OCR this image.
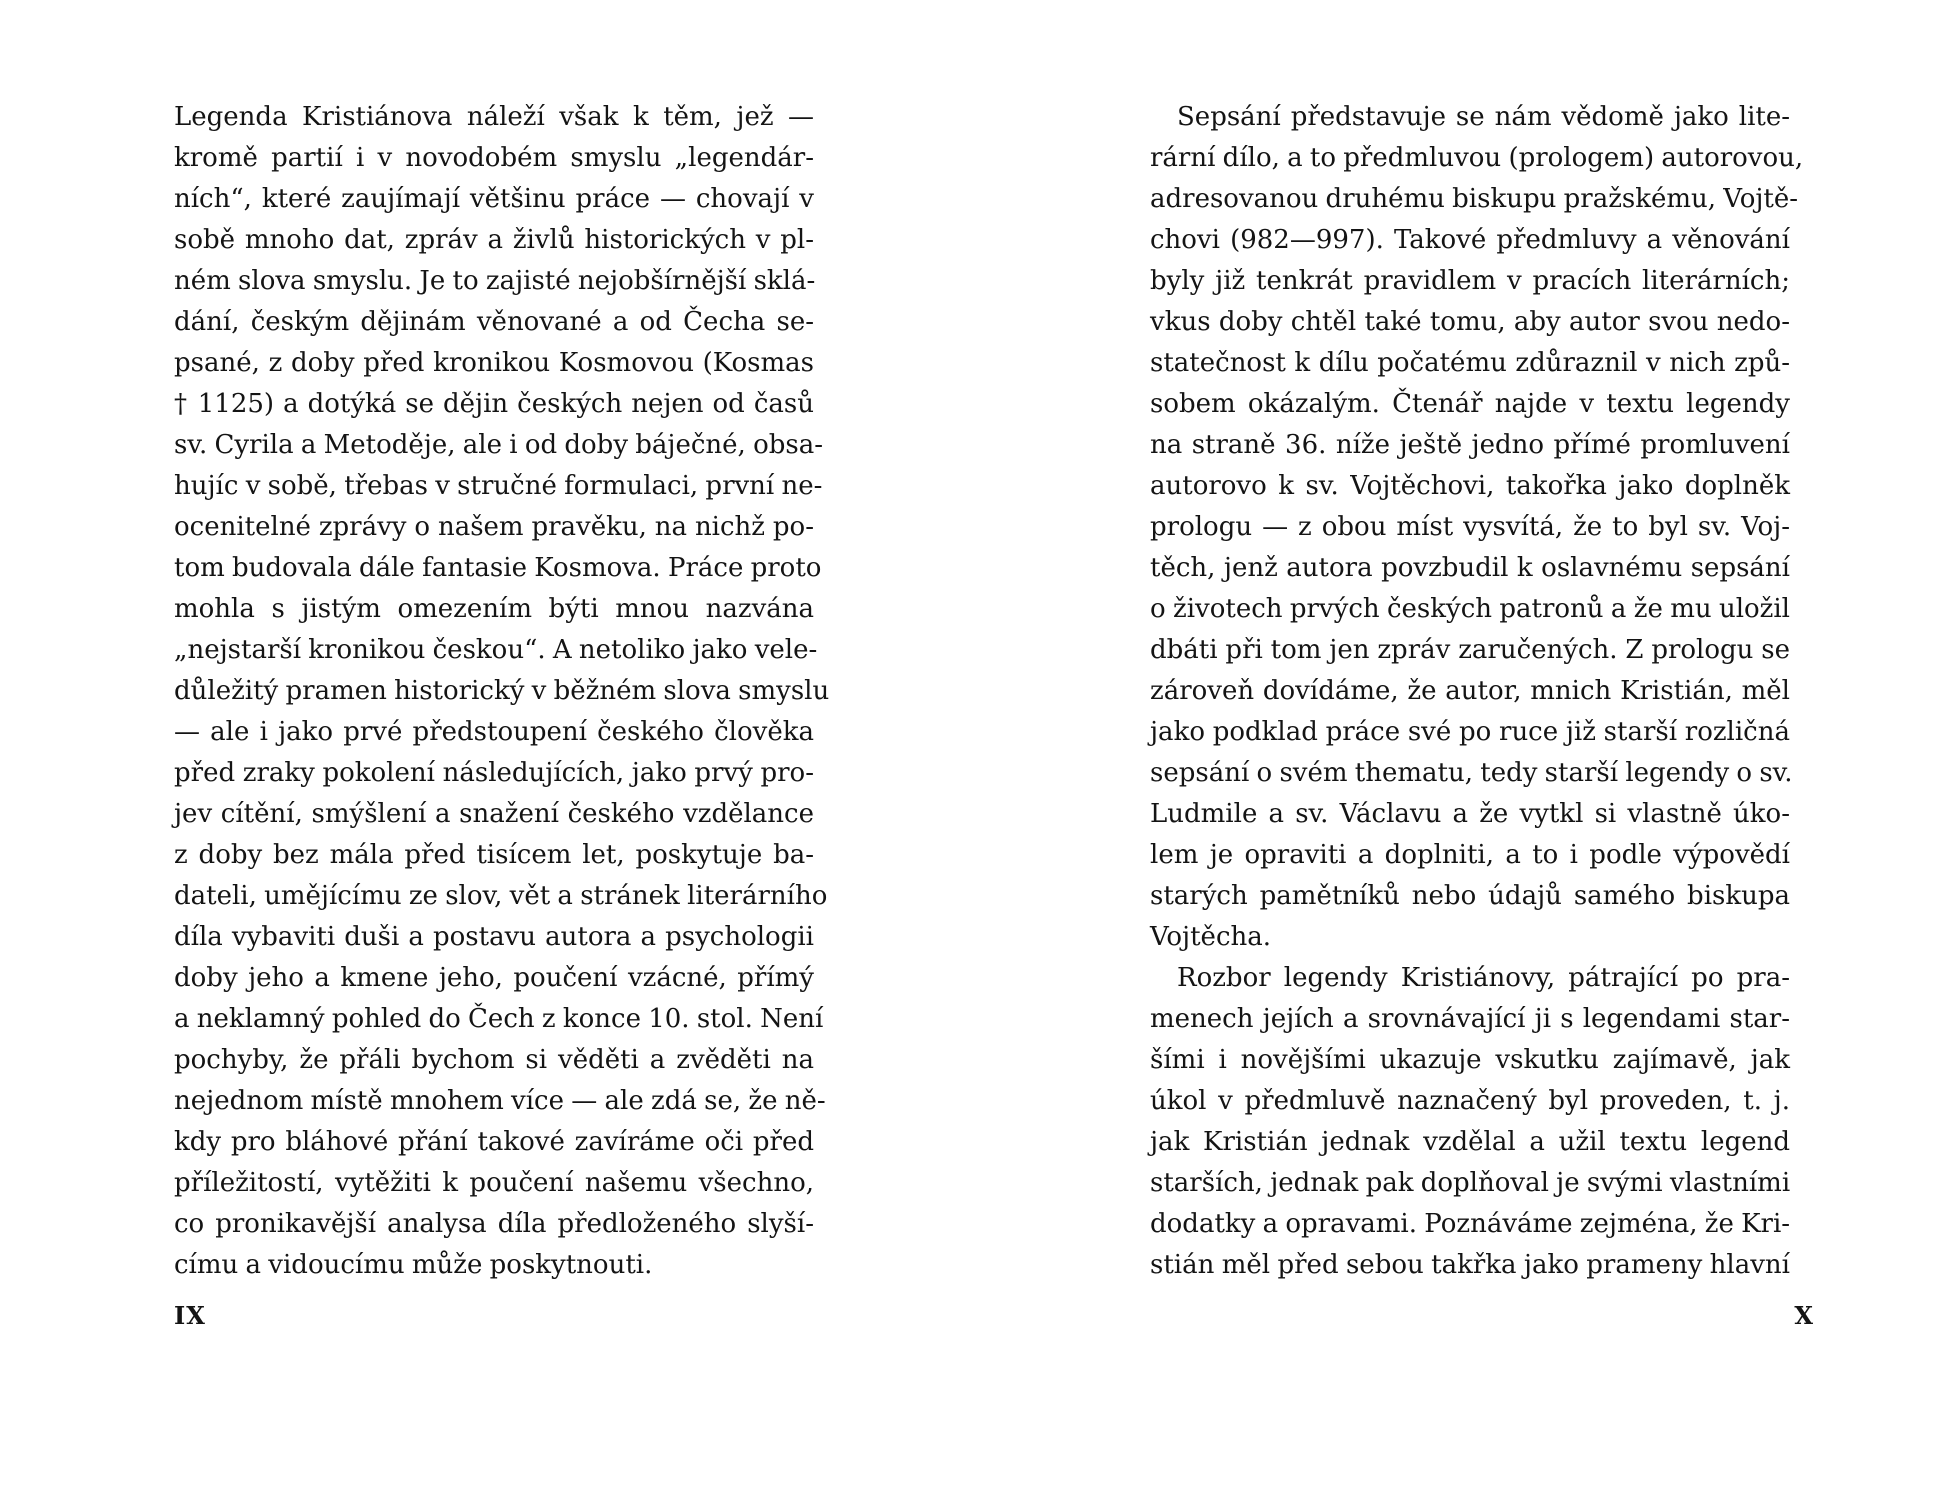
Legenda Kristiánova náleží však k těm, jež —
kromě partií i v novodobém smyslu „legendár‑
ních“, které zaujímají většinu práce — chovají v
sobě mnoho dat, zpráv a živlů historických v pl‑
ném slova smyslu. Je to zajisté nejobšírnější sklá‑
dání, českým dějinám věnované a od Čecha se‑
psané, z doby před kronikou Kosmovou (Kosmas
† 1125) a dotýká se dějin českých nejen od časů
sv. Cyrila a Metoděje, ale i od doby báječné, obsa‑
hujíc v sobě, třebas v stručné formulaci, první ne‑
ocenitelné zprávy o našem pravěku, na nichž po‑
tom budovala dále fantasie Kosmova. Práce proto
mohla s jistým omezením býti mnou nazvána
„nejstarší kronikou českou“. A netoliko jako vele‑
důležitý pramen historický v běžném slova smyslu
— ale i jako prvé předstoupení českého člověka
před zraky pokolení následujících, jako prvý pro‑
jev cítění, smýšlení a snažení českého vzdělance
z doby bez mála před tisícem let, poskytuje ba‑
dateli, umějícímu ze slov, vět a stránek literárního
díla vybaviti duši a postavu autora a psychologii
doby jeho a kmene jeho, poučení vzácné, přímý
a neklamný pohled do Čech z konce 10. stol. Není
pochyby, že přáli bychom si věděti a zvěděti na
nejednom místě mnohem více — ale zdá se, že ně‑
kdy pro bláhové přání takové zavíráme oči před
příležitostí, vytěžiti k poučení našemu všechno,
co pronikavější analysa díla předloženého slyší‑
címu a vidoucímu může poskytnouti.
IX
Sepsání představuje se nám vědomě jako lite‑
rární dílo, a to předmluvou (prologem) autorovou,
adresovanou druhému biskupu pražskému, Vojtě‑
chovi (982—997). Takové předmluvy a věnování
byly již tenkrát pravidlem v pracích literárních;
vkus doby chtěl také tomu, aby autor svou nedo‑
statečnost k dílu počatému zdůraznil v nich způ‑
sobem okázalým. Čtenář najde v textu legendy
na straně 36. níže ještě jedno přímé promluvení
autorovo k sv. Vojtěchovi, takořka jako doplněk
prologu — z obou míst vysvítá, že to byl sv. Voj‑
těch, jenž autora povzbudil k oslavnému sepsání
o životech prvých českých patronů a že mu uložil
dbáti při tom jen zpráv zaručených. Z prologu se
zároveň dovídáme, že autor, mnich Kristián, měl
jako podklad práce své po ruce již starší rozličná
sepsání o svém thematu, tedy starší legendy o sv.
Ludmile a sv. Václavu a že vytkl si vlastně úko‑
lem je opraviti a doplniti, a to i podle výpovědí
starých pamětníků nebo údajů samého biskupa
Vojtěcha.
Rozbor legendy Kristiánovy, pátrající po pra‑
menech jejích a srovnávající ji s legendami star‑
šími i novějšími ukazuje vskutku zajímavě, jak
úkol v předmluvě naznačený byl proveden, t. j.
jak Kristián jednak vzdělal a užil textu legend
starších, jednak pak doplňoval je svými vlastními
dodatky a opravami. Poznáváme zejména, že Kri‑
stián měl před sebou takřka jako prameny hlavní
X
